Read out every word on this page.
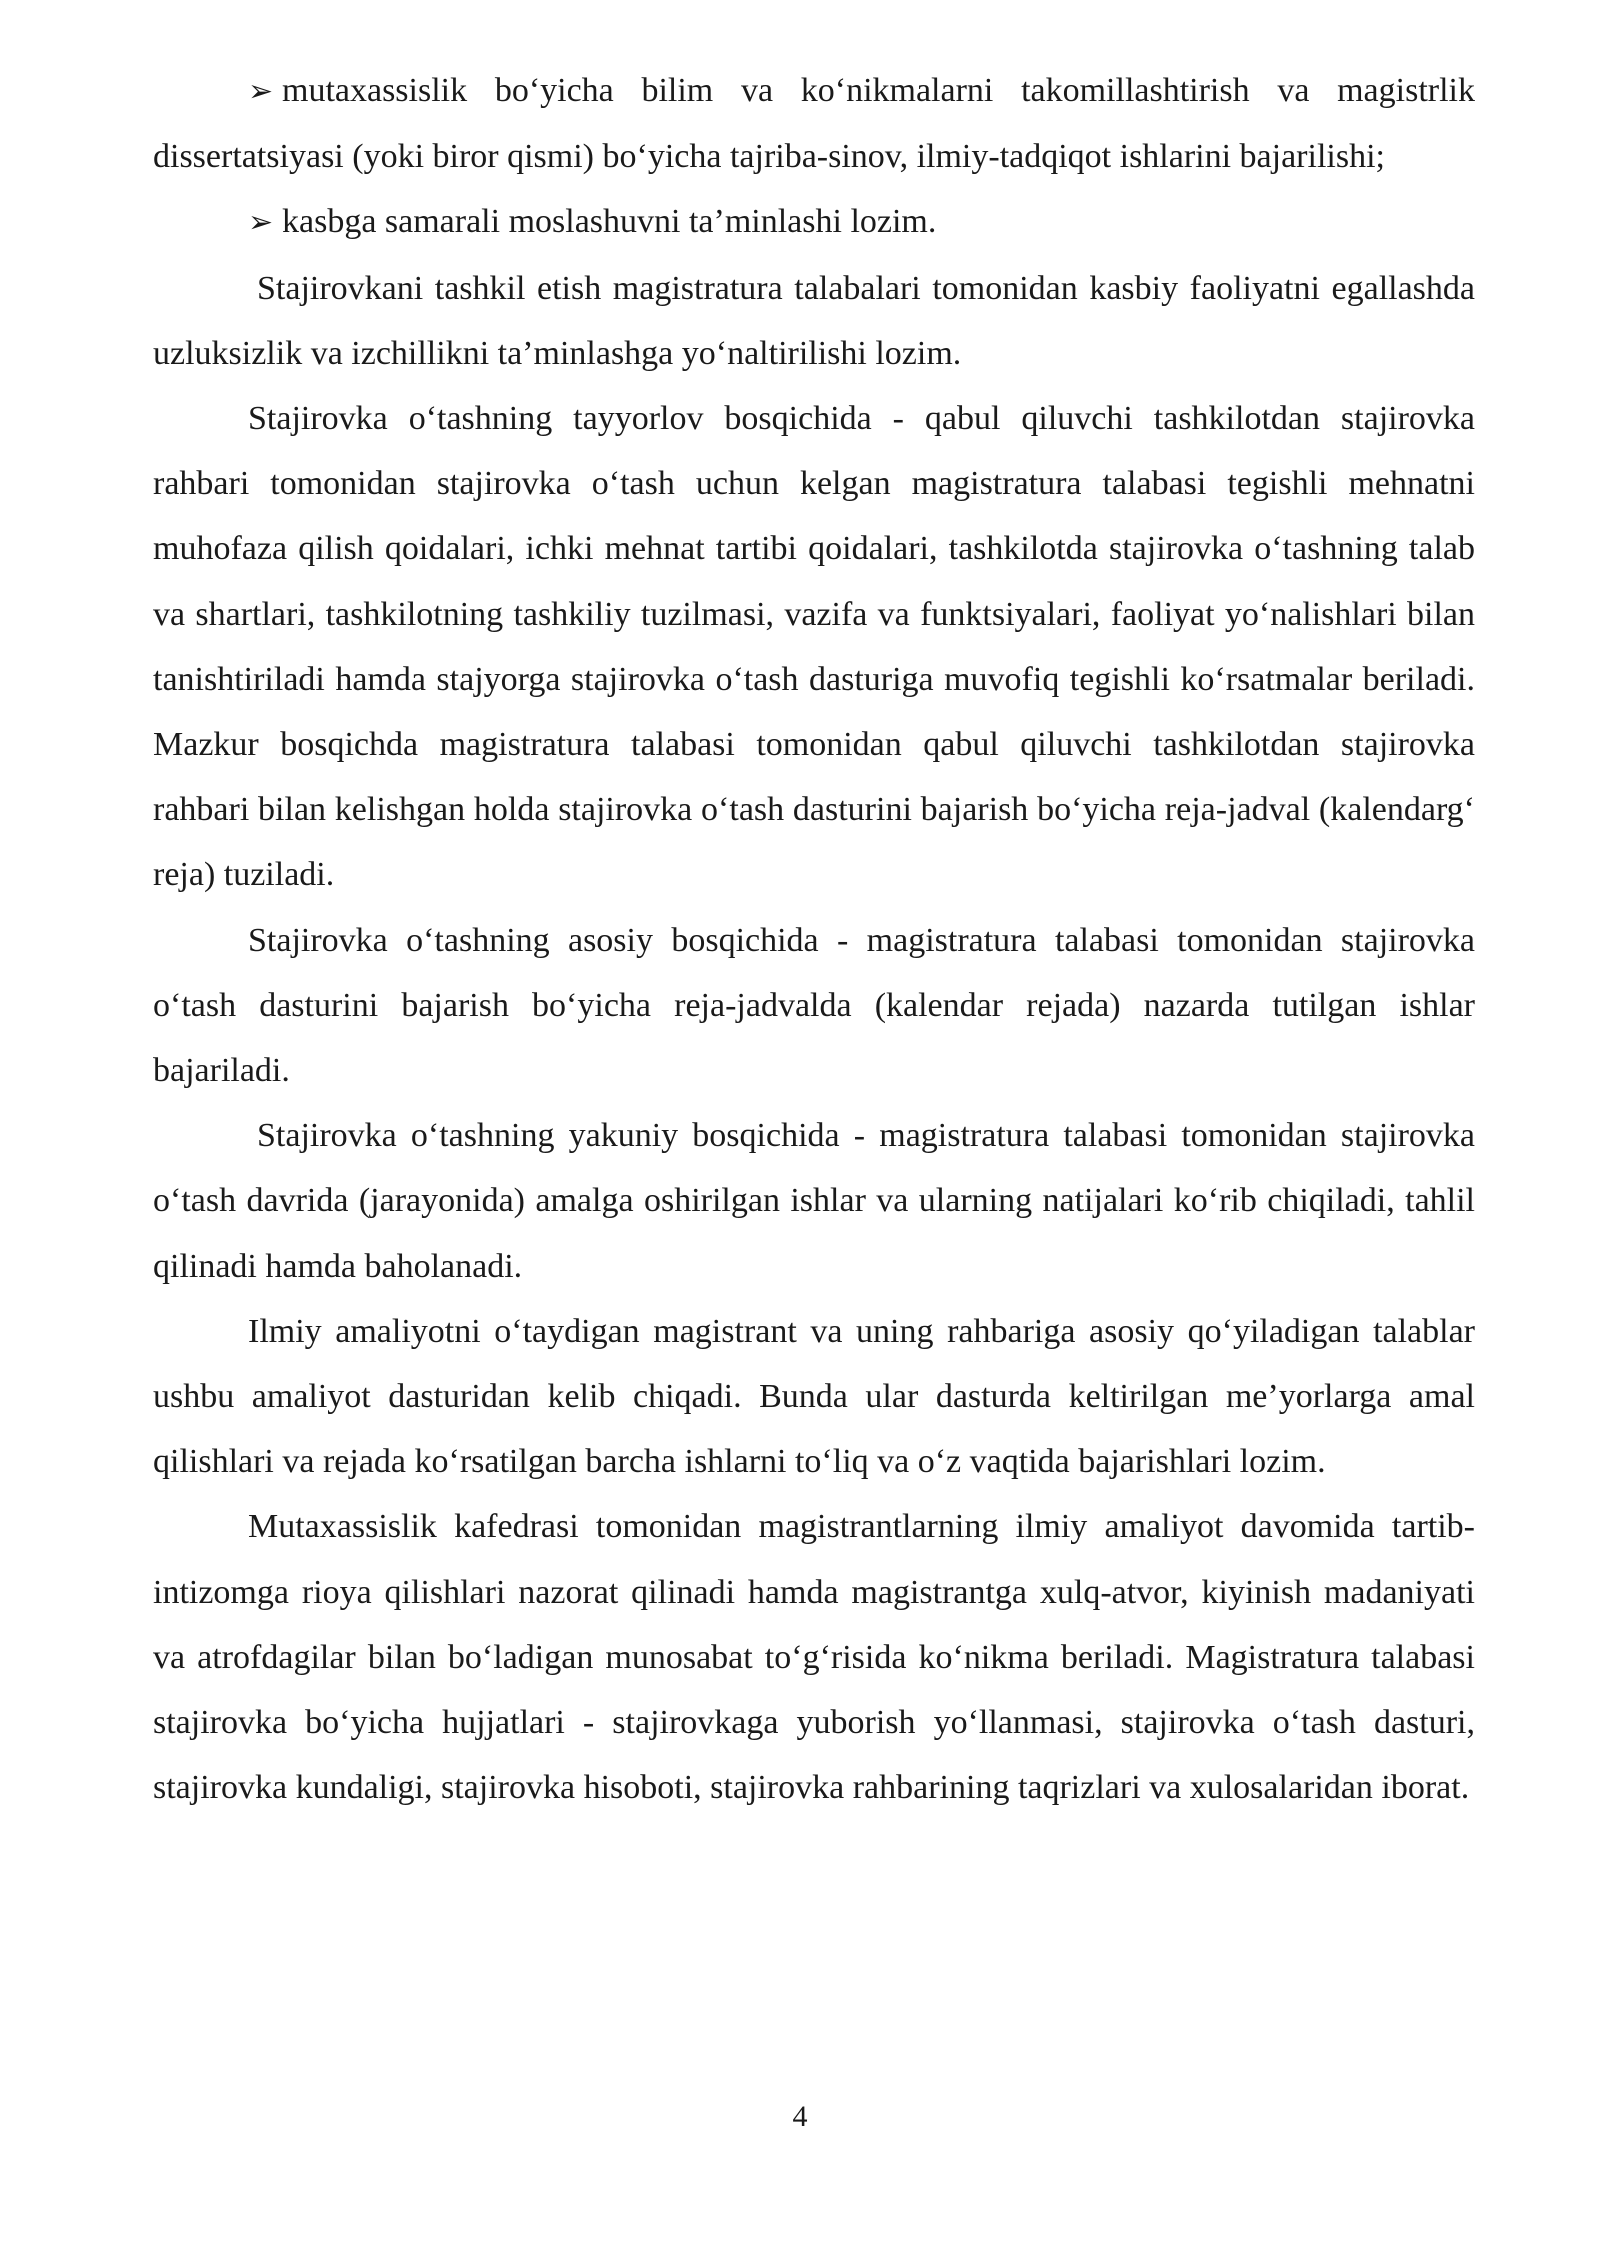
➢ mutaxassislik boʻyicha bilim va koʻnikmalarni takomillashtirish va magistrlik dissertatsiyasi (yoki biror qismi) boʻyicha tajriba-sinov, ilmiy-tadqiqot ishlarini bajarilishi;

➢ kasbga samarali moslashuvni ta’minlashi lozim.

Stajirovkani tashkil etish magistratura talabalari tomonidan kasbiy faoliyatni egallashda uzluksizlik va izchillikni ta’minlashga yoʻnaltirilishi lozim.

Stajirovka oʻtashning tayyorlov bosqichida - qabul qiluvchi tashkilotdan stajirovka rahbari tomonidan stajirovka oʻtash uchun kelgan magistratura talabasi tegishli mehnatni muhofaza qilish qoidalari, ichki mehnat tartibi qoidalari, tashkilotda stajirovka oʻtashning talab va shartlari, tashkilotning tashkiliy tuzilmasi, vazifa va funktsiyalari, faoliyat yoʻnalishlari bilan tanishtiriladi hamda stajyorga stajirovka oʻtash dasturiga muvofiq tegishli koʻrsatmalar beriladi. Mazkur bosqichda magistratura talabasi tomonidan qabul qiluvchi tashkilotdan stajirovka rahbari bilan kelishgan holda stajirovka oʻtash dasturini bajarish boʻyicha reja-jadval (kalendargʻ reja) tuziladi.

Stajirovka oʻtashning asosiy bosqichida - magistratura talabasi tomonidan stajirovka oʻtash dasturini bajarish boʻyicha reja-jadvalda (kalendar rejada) nazarda tutilgan ishlar bajariladi.

Stajirovka oʻtashning yakuniy bosqichida - magistratura talabasi tomonidan stajirovka oʻtash davrida (jarayonida) amalga oshirilgan ishlar va ularning natijalari koʻrib chiqiladi, tahlil qilinadi hamda baholanadi.

Ilmiy amaliyotni oʻtaydigan magistrant va uning rahbariga asosiy qoʻyiladigan talablar ushbu amaliyot dasturidan kelib chiqadi. Bunda ular dasturda keltirilgan me’yorlarga amal qilishlari va rejada koʻrsatilgan barcha ishlarni toʻliq va oʻz vaqtida bajarishlari lozim.

Mutaxassislik kafedrasi tomonidan magistrantlarning ilmiy amaliyot davomida tartib-intizomga rioya qilishlari nazorat qilinadi hamda magistrantga xulq-atvor, kiyinish madaniyati va atrofdagilar bilan boʻladigan munosabat toʻgʻrisida koʻnikma beriladi. Magistratura talabasi stajirovka boʻyicha hujjatlari - stajirovkaga yuborish yoʻllanmasi, stajirovka oʻtash dasturi, stajirovka kundaligi, stajirovka hisoboti, stajirovka rahbarining taqrizlari va xulosalaridan iborat.

4
